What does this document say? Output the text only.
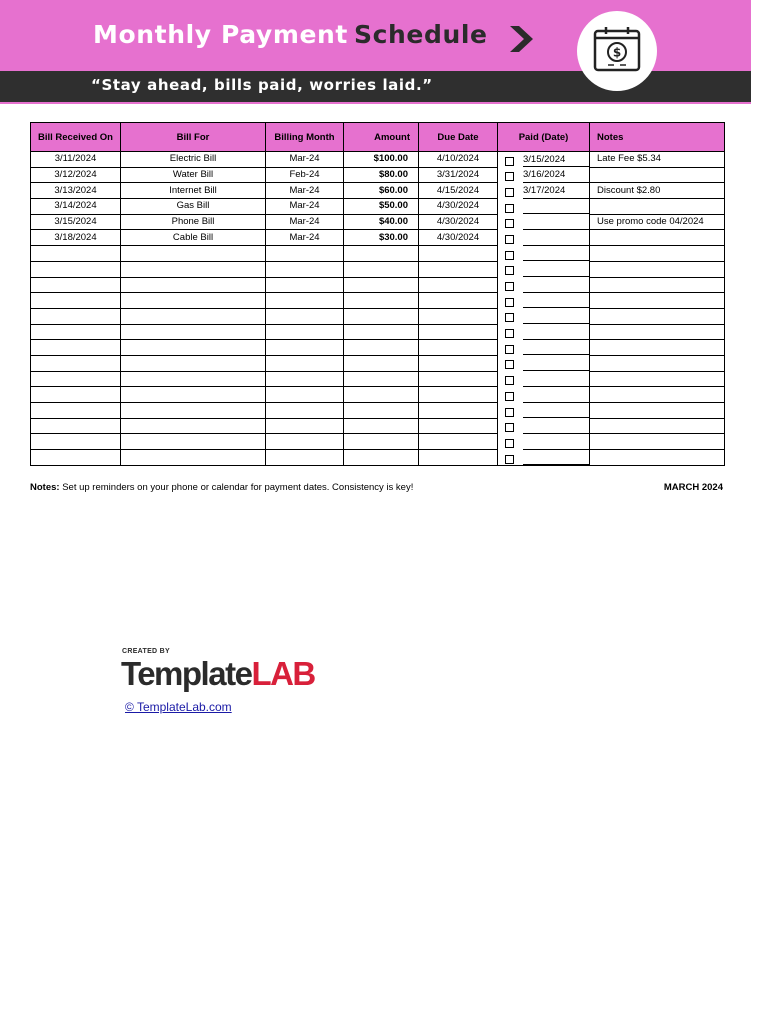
Monthly Payment Schedule
$
“Stay ahead, bills paid, worries laid.”
Bill Received On	Bill For	Billing Month	Amount	Due Date	Paid (Date)	Notes
3/11/2024	Electric Bill	Mar-24	$100.00	4/10/2024	3/15/2024	Late Fee $5.34
3/12/2024	Water Bill	Feb-24	$80.00	3/31/2024	3/16/2024

3/13/2024	Internet Bill	Mar-24	$60.00	4/15/2024	3/17/2024	Discount $2.80
3/14/2024	Gas Bill	Mar-24	$50.00	4/30/2024	

3/15/2024	Phone Bill	Mar-24	$40.00	4/30/2024		Use promo code 04/2024
3/18/2024	Cable Bill	Mar-24	$30.00	4/30/2024	

Notes: Set up reminders on your phone or calendar for payment dates. Consistency is key!	MARCH 2024
CREATED BY
TemplateLAB
© TemplateLab.com
